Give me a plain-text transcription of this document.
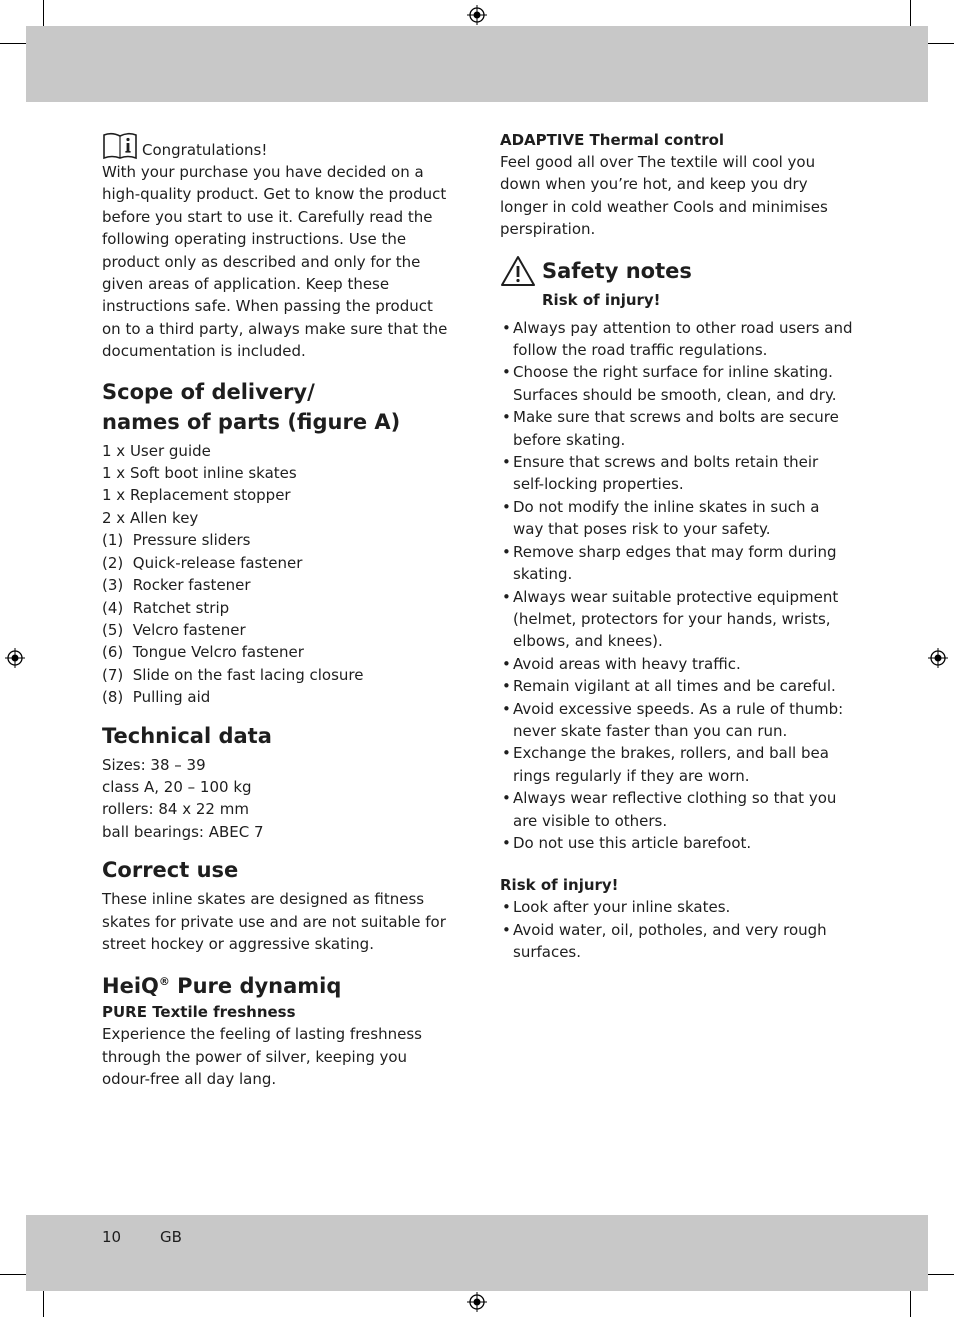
Congratulations!

With your purchase you have decided on a high-quality product. Get to know the product before you start to use it. Carefully read the following operating instructions. Use the product only as described and only for the given areas of application. Keep these instructions safe. When passing the product on to a third party, always make sure that the documentation is included.

Scope of delivery/

names of parts (figure A)

1 x User guide

1 x Soft boot inline skates

1 x Replacement stopper

2 x Allen key

(1)  Pressure sliders

(2)  Quick-release fastener

(3)  Rocker fastener

(4)  Ratchet strip

(5)  Velcro fastener

(6)  Tongue Velcro fastener

(7)  Slide on the fast lacing closure

(8)  Pulling aid

Technical data

Sizes: 38 – 39

class A, 20 – 100 kg

rollers: 84 x 22 mm

ball bearings: ABEC 7

Correct use

These inline skates are designed as fitness skates for private use and are not suitable for street hockey or aggressive skating.

HeiQ® Pure dynamiq

PURE Textile freshness

Experience the feeling of lasting freshness through the power of silver, keeping you odour-free all day lang.

ADAPTIVE Thermal control

Feel good all over The textile will cool you down when you’re hot, and keep you dry longer in cold weather Cools and minimises perspiration.

Safety notes

Risk of injury!

• Always pay attention to other road users and follow the road traffic regulations.
• Choose the right surface for inline skating. Surfaces should be smooth, clean, and dry.
• Make sure that screws and bolts are secure before skating.
• Ensure that screws and bolts retain their self-locking properties.
• Do not modify the inline skates in such a way that poses risk to your safety.
• Remove sharp edges that may form during skating.
• Always wear suitable protective equipment (helmet, protectors for your hands, wrists, elbows, and knees).
• Avoid areas with heavy traffic.
• Remain vigilant at all times and be careful.
• Avoid excessive speeds. As a rule of thumb: never skate faster than you can run.
• Exchange the brakes, rollers, and ball bea rings regularly if they are worn.
• Always wear reflective clothing so that you are visible to others.
• Do not use this article barefoot.

Risk of injury!

• Look after your inline skates.
• Avoid water, oil, potholes, and very rough surfaces.
10	GB
